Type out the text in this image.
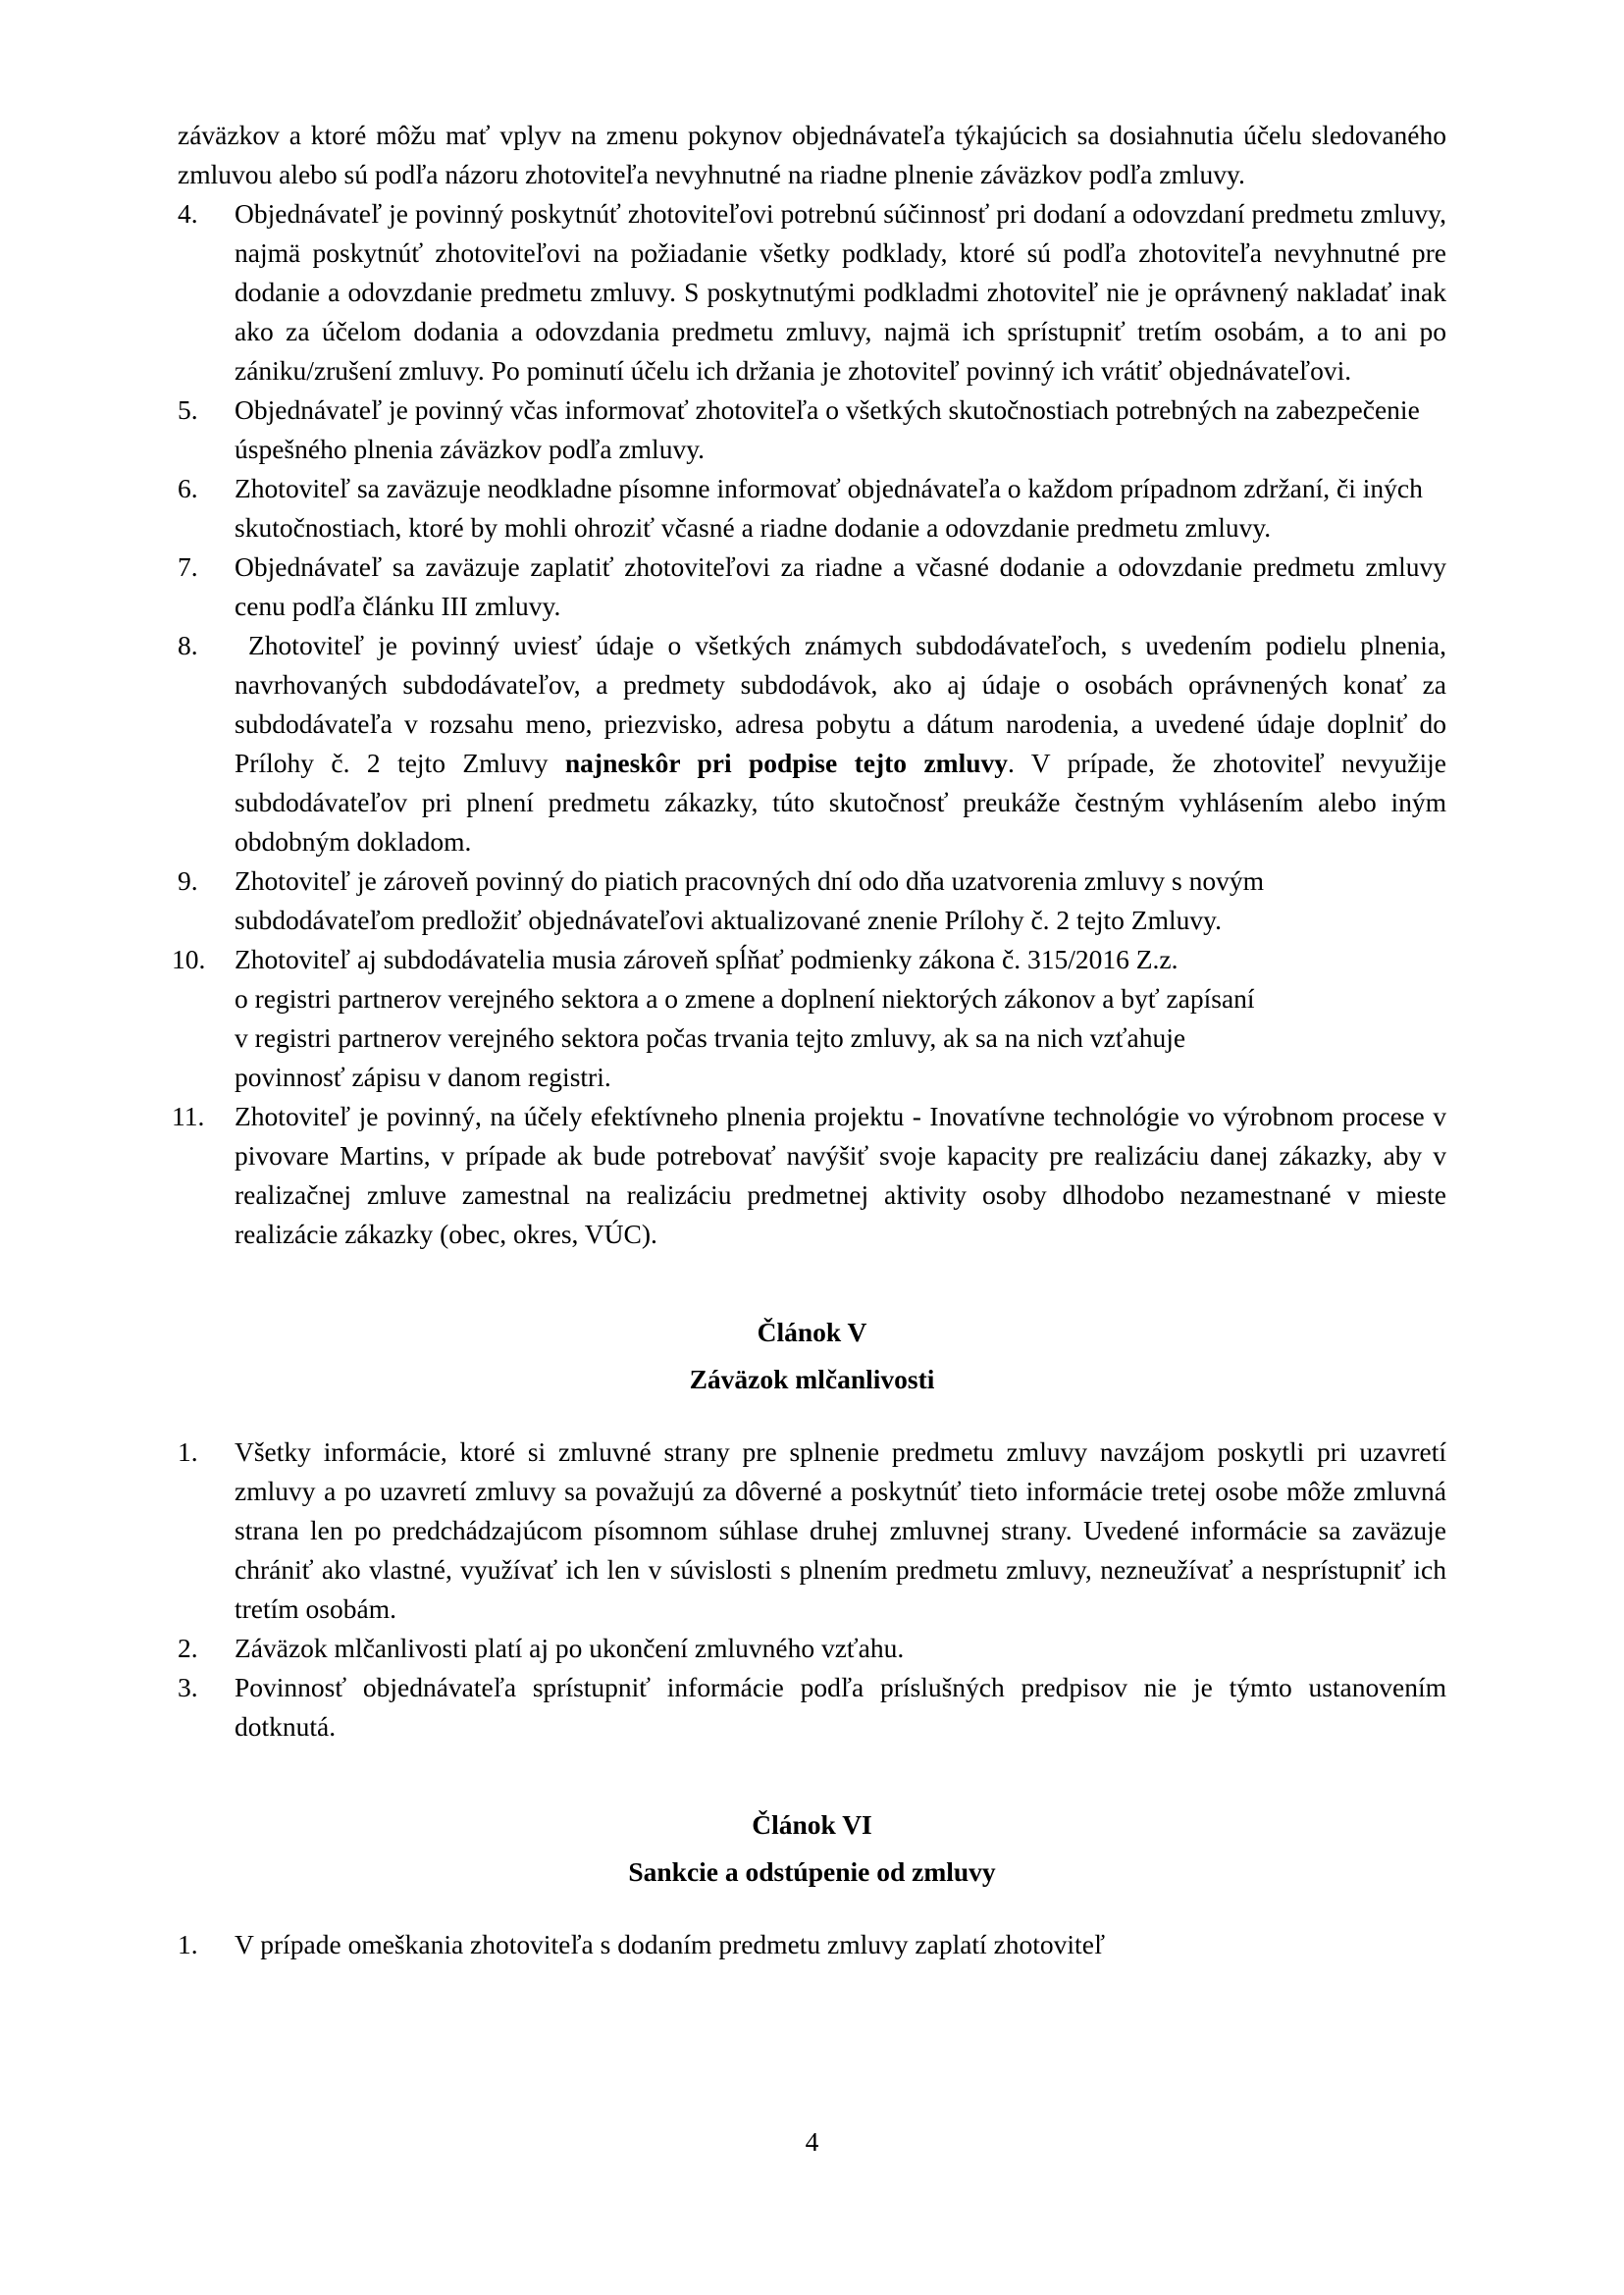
záväzkov a ktoré môžu mať vplyv na zmenu pokynov objednávateľa týkajúcich sa dosiahnutia účelu sledovaného zmluvou alebo sú podľa názoru zhotoviteľa nevyhnutné na riadne plnenie záväzkov podľa zmluvy.

4.	Objednávateľ je povinný poskytnúť zhotoviteľovi potrebnú súčinnosť pri dodaní a odovzdaní predmetu zmluvy, najmä poskytnúť zhotoviteľovi na požiadanie všetky podklady, ktoré sú podľa zhotoviteľa nevyhnutné pre dodanie a odovzdanie predmetu zmluvy. S poskytnutými podkladmi zhotoviteľ nie je oprávnený nakladať inak ako za účelom dodania a odovzdania predmetu zmluvy, najmä ich sprístupniť tretím osobám, a to ani po zániku/zrušení zmluvy. Po pominutí účelu ich držania je zhotoviteľ povinný ich vrátiť objednávateľovi.
5.	Objednávateľ je povinný včas informovať zhotoviteľa o všetkých skutočnostiach potrebných na zabezpečenie úspešného plnenia záväzkov podľa zmluvy.
6.	Zhotoviteľ sa zaväzuje neodkladne písomne informovať objednávateľa o každom prípadnom zdržaní, či iných skutočnostiach, ktoré by mohli ohroziť včasné a riadne dodanie a odovzdanie predmetu zmluvy.
7.	Objednávateľ sa zaväzuje zaplatiť zhotoviteľovi za riadne a včasné dodanie a odovzdanie predmetu zmluvy cenu podľa článku III zmluvy.
8.	Zhotoviteľ je povinný uviesť údaje o všetkých známych subdodávateľoch, s uvedením podielu plnenia, navrhovaných subdodávateľov, a predmety subdodávok, ako aj údaje o osobách oprávnených konať za subdodávateľa v rozsahu meno, priezvisko, adresa pobytu a dátum narodenia, a uvedené údaje doplniť do Prílohy č. 2 tejto Zmluvy najneskôr pri podpise tejto zmluvy. V prípade, že zhotoviteľ nevyužije subdodávateľov pri plnení predmetu zákazky, túto skutočnosť preukáže čestným vyhlásením alebo iným obdobným dokladom.
9.	Zhotoviteľ je zároveň povinný do piatich pracovných dní odo dňa uzatvorenia zmluvy s novým subdodávateľom predložiť objednávateľovi aktualizované znenie Prílohy č. 2 tejto Zmluvy.
10.	Zhotoviteľ aj subdodávatelia musia zároveň spĺňať podmienky zákona č. 315/2016 Z.z.
o registri partnerov verejného sektora a o zmene a doplnení niektorých zákonov a byť zapísaní
v registri partnerov verejného sektora počas trvania tejto zmluvy, ak sa na nich vzťahuje
povinnosť zápisu v danom registri.
11.	Zhotoviteľ je povinný, na účely efektívneho plnenia projektu - Inovatívne technológie vo výrobnom procese v pivovare Martins, v prípade ak bude potrebovať navýšiť svoje kapacity pre realizáciu danej zákazky, aby v realizačnej zmluve zamestnal na realizáciu predmetnej aktivity osoby dlhodobo nezamestnané v mieste realizácie zákazky (obec, okres, VÚC).

Článok V

Záväzok mlčanlivosti

1.	Všetky informácie, ktoré si zmluvné strany pre splnenie predmetu zmluvy navzájom poskytli pri uzavretí zmluvy a po uzavretí zmluvy sa považujú za dôverné a poskytnúť tieto informácie tretej osobe môže zmluvná strana len po predchádzajúcom písomnom súhlase druhej zmluvnej strany. Uvedené informácie sa zaväzuje chrániť ako vlastné, využívať ich len v súvislosti s plnením predmetu zmluvy, nezneužívať a nesprístupniť ich tretím osobám.
2.	Záväzok mlčanlivosti platí aj po ukončení zmluvného vzťahu.
3.	Povinnosť objednávateľa sprístupniť informácie podľa príslušných predpisov nie je týmto ustanovením dotknutá.

Článok VI

Sankcie a odstúpenie od zmluvy

1.	V prípade omeškania zhotoviteľa s dodaním predmetu zmluvy zaplatí zhotoviteľ
4
